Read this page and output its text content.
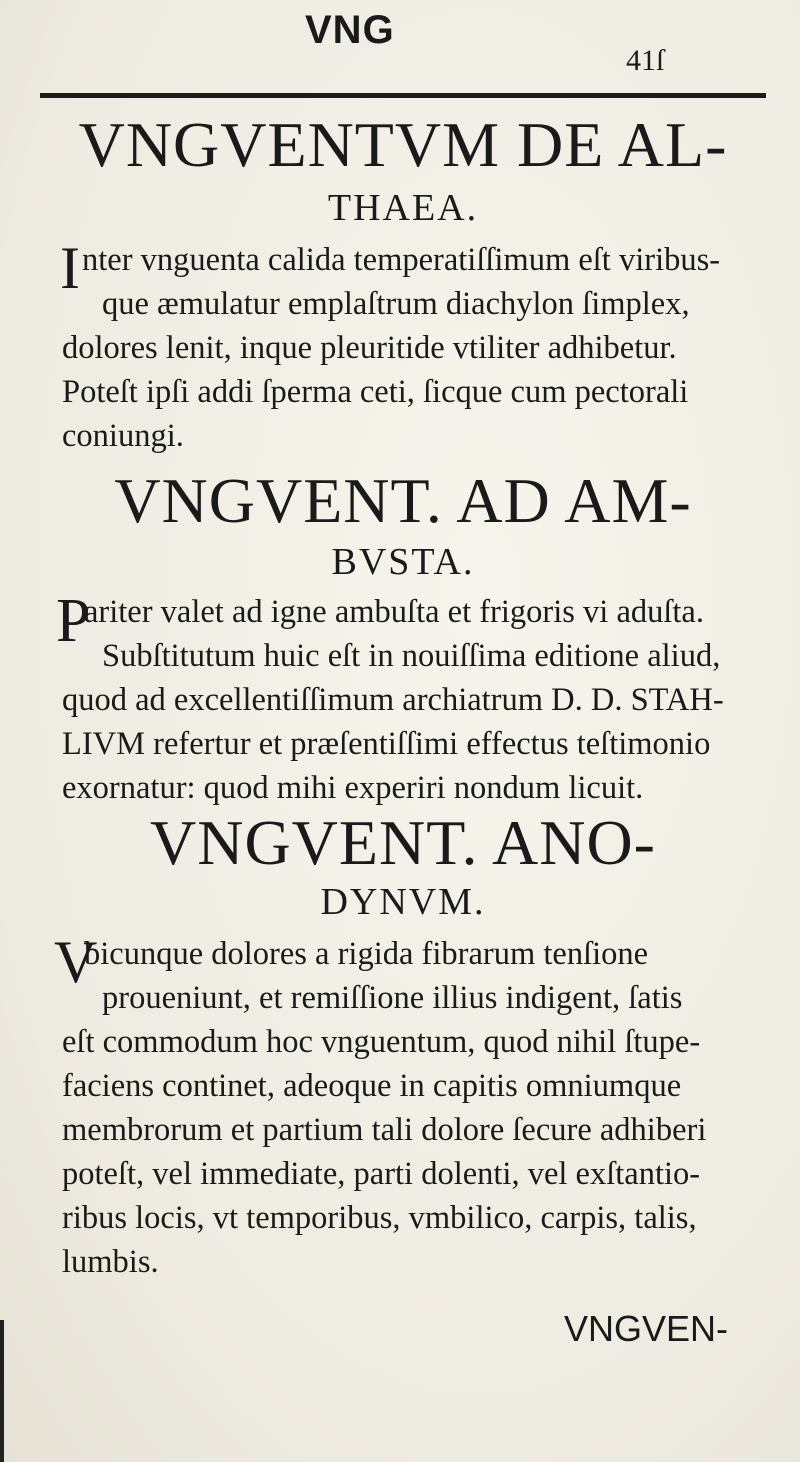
VNG
41ſ
VNGVENTVM DE AL-
THAEA.
I nter vnguenta calida temperatiſſimum eſt viribus-
que æmulatur emplaſtrum diachylon ſimplex,
dolores lenit, inque pleuritide vtiliter adhibetur.
Poteſt ipſi addi ſperma ceti, ſicque cum pectorali
coniungi.
VNGVENT. AD AM-
BVSTA.
P
ariter valet ad igne ambuſta et frigoris vi aduſta.
Subſtitutum huic eſt in nouiſſima editione aliud,
quod ad excellentiſſimum archiatrum D. D. STAH-
LIVM refertur et præſentiſſimi effectus teſtimonio
exornatur: quod mihi experiri nondum licuit.
VNGVENT. ANO-
DYNVM.
V
bicunque dolores a rigida fibrarum tenſione
proueniunt, et remiſſione illius indigent, ſatis
eſt commodum hoc vnguentum, quod nihil ſtupe-
faciens continet, adeoque in capitis omniumque
membrorum et partium tali dolore ſecure adhiberi
poteſt, vel immediate, parti dolenti, vel exſtantio-
ribus locis, vt temporibus, vmbilico, carpis, talis,
lumbis.
VNGVEN-
